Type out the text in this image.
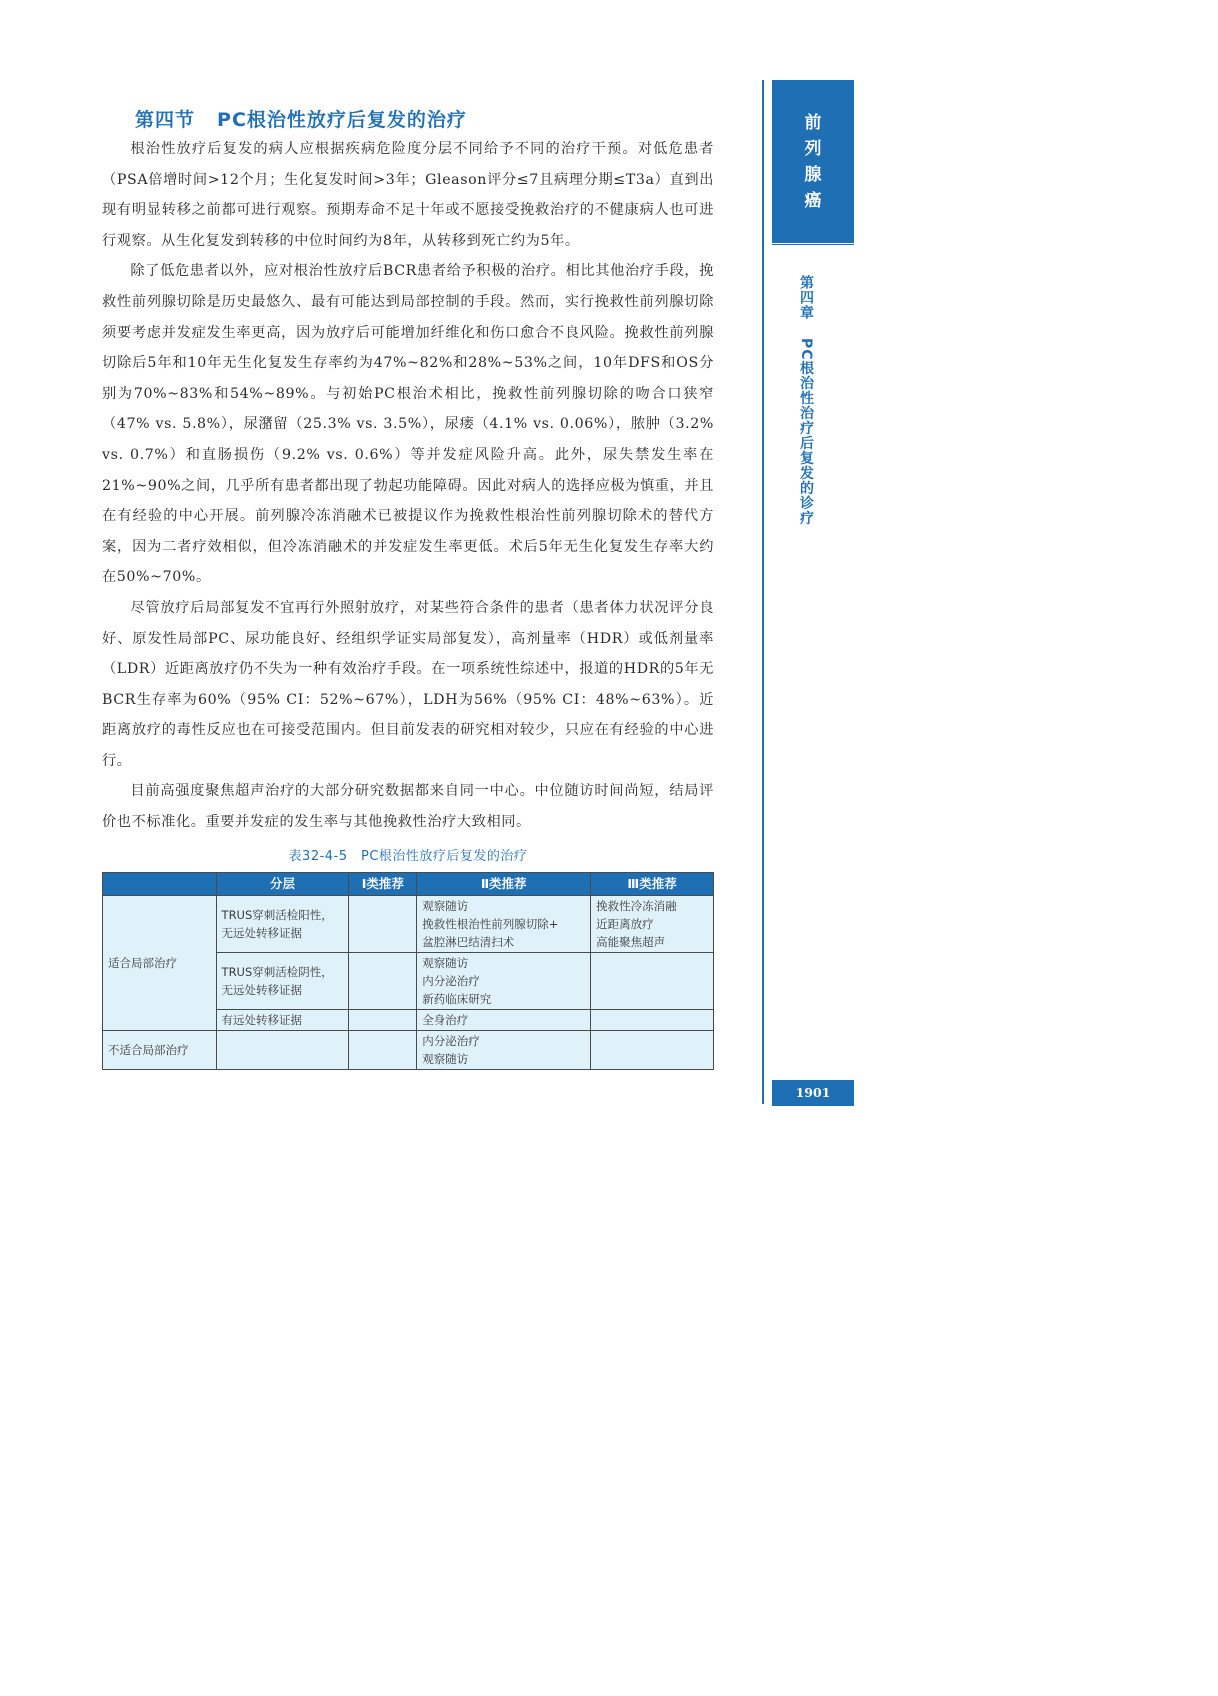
第四节 PC根治性放疗后复发的治疗

根治性放疗后复发的病人应根据疾病危险度分层不同给予不同的治疗干预。对低危患者（PSA倍增时间>12个月；生化复发时间>3年；Gleason评分≤7且病理分期≤T3a）直到出现有明显转移之前都可进行观察。预期寿命不足十年或不愿接受挽救治疗的不健康病人也可进行观察。从生化复发到转移的中位时间约为8年，从转移到死亡约为5年。

除了低危患者以外，应对根治性放疗后BCR患者给予积极的治疗。相比其他治疗手段，挽救性前列腺切除是历史最悠久、最有可能达到局部控制的手段。然而，实行挽救性前列腺切除须要考虑并发症发生率更高，因为放疗后可能增加纤维化和伤口愈合不良风险。挽救性前列腺切除后5年和10年无生化复发生存率约为47%~82%和28%~53%之间，10年DFS和OS分别为70%~83%和54%~89%。与初始PC根治术相比，挽救性前列腺切除的吻合口狭窄（47% vs. 5.8%），尿潴留（25.3% vs. 3.5%），尿瘘（4.1% vs. 0.06%），脓肿（3.2% vs. 0.7%）和直肠损伤（9.2% vs. 0.6%）等并发症风险升高。此外，尿失禁发生率在21%~90%之间，几乎所有患者都出现了勃起功能障碍。因此对病人的选择应极为慎重，并且在有经验的中心开展。前列腺冷冻消融术已被提议作为挽救性根治性前列腺切除术的替代方案，因为二者疗效相似，但冷冻消融术的并发症发生率更低。术后5年无生化复发生存率大约在50%~70%。

尽管放疗后局部复发不宜再行外照射放疗，对某些符合条件的患者（患者体力状况评分良好、原发性局部PC、尿功能良好、经组织学证实局部复发），高剂量率（HDR）或低剂量率（LDR）近距离放疗仍不失为一种有效治疗手段。在一项系统性综述中，报道的HDR的5年无BCR生存率为60%（95% CI：52%~67%），LDH为56%（95% CI：48%~63%）。近距离放疗的毒性反应也在可接受范围内。但目前发表的研究相对较少，只应在有经验的中心进行。

目前高强度聚焦超声治疗的大部分研究数据都来自同一中心。中位随访时间尚短，结局评价也不标准化。重要并发症的发生率与其他挽救性治疗大致相同。

表32-4-5　PC根治性放疗后复发的治疗
	分层	Ⅰ类推荐	Ⅱ类推荐	Ⅲ类推荐
适合局部治疗	TRUS穿刺活检阳性，
无远处转移证据		观察随访
挽救性根治性前列腺切除+
盆腔淋巴结清扫术	挽救性冷冻消融
近距离放疗
高能聚焦超声

	TRUS穿刺活检阴性，
无远处转移证据		观察随访
内分泌治疗
新药临床研究	

	有远处转移证据		全身治疗	

不适合局部治疗			内分泌治疗
观察随访	

前
列
腺
癌
第四章PC根治性治疗后复发的诊疗
1901
